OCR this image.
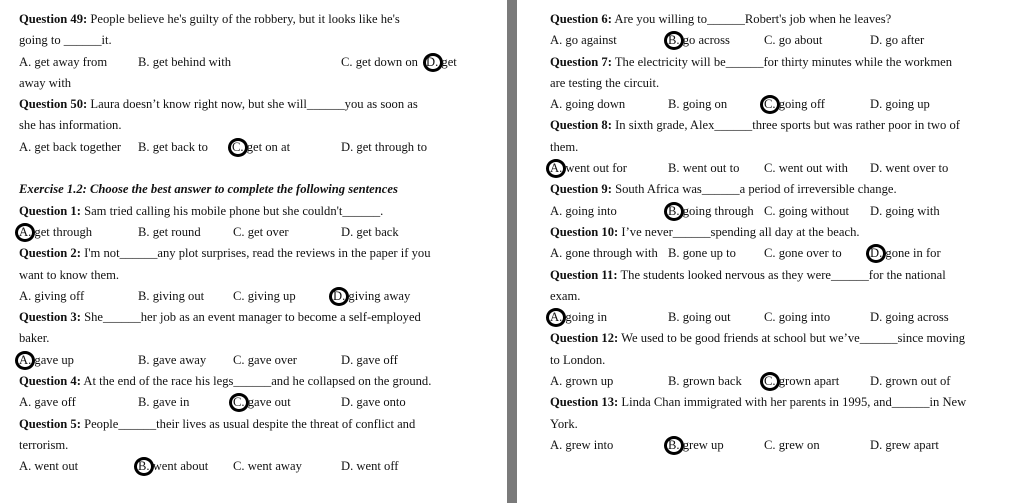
Question 49: People believe he's guilty of the robbery, but it looks like he's
going to ______it.
A. get away from B. get behind with	C. get down on D. get
away with
Question 50: Laura doesn’t know right now, but she will______you as soon as
she has information.
A. get back together B. get back to C. get on at	D. get through to
Exercise 1.2: Choose the best answer to complete the following sentences
Question 1: Sam tried calling his mobile phone but she couldn't______.
A. get through	B. get round	C. get over	D. get back
Question 2: I'm not______any plot surprises, read the reviews in the paper if you
want to know them.
A. giving off	B. giving out C. giving up	D. giving away
Question 3: She______her job as an event manager to become a self-employed
baker.
A. gave up	B. gave away C. gave over	D. gave off
Question 4: At the end of the race his legs______and he collapsed on the ground.
A. gave off	B. gave in	C. gave out	D. gave onto
Question 5: People______their lives as usual despite the threat of conflict and
terrorism.
A. went out	B. went about C. went away	D. went off
Question 6: Are you willing to______Robert's job when he leaves?
A. go against	B. go across	C. go about	D. go after
Question 7: The electricity will be______for thirty minutes while the workmen
are testing the circuit.
A. going down	B. going on	C. going off	D. going up
Question 8: In sixth grade, Alex______three sports but was rather poor in two of
them.
A. went out for	B. went out to C. went out with D. went over to
Question 9: South Africa was______a period of irreversible change.
A. going into	B. going through C. going without D. going with
Question 10: I’ve never______spending all day at the beach.
A. gone through with B. gone up to C. gone over to D. gone in for
Question 11: The students looked nervous as they were______for the national
exam.
A. going in	B. going out	C. going into	D. going across
Question 12: We used to be good friends at school but we’ve______since moving
to London.
A. grown up	B. grown back C. grown apart D. grown out of
Question 13: Linda Chan immigrated with her parents in 1995, and______in New
York.
A. grew into	B. grew up	C. grew on	D. grew apart
